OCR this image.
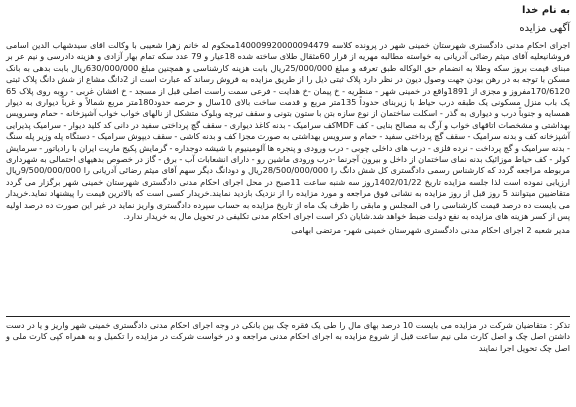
به نام خدا
آگهی مزایده
اجرای احکام مدنی دادگستری شهرستان خمینی شهر در پرونده کلاسه 140009920000094479محکوم له خانم زهرا شعیبی با وکالت اقای سیدشهاب الدین اسامی فروشانیعلیه آقای میثم رضائی آدریانی به خواسته مطالبه مهریه از قرار 60مثقال طلای ساخته شده 18عیار و 79 عدد سکه تمام بهار آزادی و هزینه دادرسی و نیم عر بر مبنای قیمت بروز سکه وطلا به انضمام حق الوکاله طبق تعرفه و مبلغ 25/000/000ریال بابت هزینه کارشناسی و همچنین مبلغ 630/000/000ریال بابت بدهی به بانک مسکن با توجه به در رهن بودن جهت وصول دیون در نظر دارد پلاک ثبتی ذیل را از طریق مزایده به فروش رساند که عبارت است از 2دانگ مشاع از شش دانگ پلاک ثبتی 170/6120مفروز و مجزی از 1891واقع در خمینی شهر - منظریه - خ پیمان -خ هدایت - فرعی سمت راست اصلی قبل از مسجد - خ افشان غربی - روبه روی پلاک 65 یک باب منزل مسکونی یک طبقه درب حیاط با زیربنای حدوداً 135متر مربع و قدمت ساخت بالای 10سال و حرصه حدود180متر مربع شمالاً و غرباً دیواری به دیوار همسایه و جنوباً درب و دیواری به گذر - اسکلت ساختمان از نوع سازه بتن با ستون بتونی و سقف تیرچه وبلوک متشکل از نالهای خواب خواب آشپزخانه - حمام وسرویس بهداشتی و مشخصات اتاقهای خواب و آرگ به مصالح بنایی - کف MDFکف سرامیک - بدنه کاغذ دیواری - سقف گچ پرداختی سفید در دانی کد کلید دیوار - سرامیک پذیرایی آشپزخانه کف و بدنه سرامیک - سقف گچ پرداختی سفید - حمام و سرویس بهداشتی به صورت مجزا کف و بدنه کاشی - سقف دیپوش سرامیک - دستگاه پله وزیر پله سنگ - بدنه سرامیک و گچ پرداخت - نرده فلزی - درب های داخلی چوبی - درب ورودی و پنجره ها آلومینیوم با شیشه دوجداره - گرمایش پکیج ماریت ایران با رادیاتور - سرمایش کولر - کف حیاط موزائیک بدنه نمای ساختمان از داخل و بیرون آجرنما -درب ورودی ماشین رو - دارای انشعابات آب - برق - گاز در خصوص بدهیهای احتمالی به شهرداری مربوطه مراجعه گردد که کارشناس رسمی دادگستری کل شش دانگ را 28/500/000/000ریال و دودانگ دیگر سهم آقای میثم رضائی آدریانی را 9/500/000/000ریال ارزیابی نموده است لذا جلسه مزایده تاریخ 1402/01/22روز سه شنبه ساعت 11صبح در محل اجرای احکام مدنی دادگستری شهرستان خمینی شهر برگزار می گردد متقاضیین میتوانند 5 روز قبل از روز مزایده به نشانی فوق مراجعه و مورد مزایده را از نزدیک بازدید نمایند.خریدار کسی است که بالاترین قیمت را پیشنهاد نماید.خریدار می بایست ده درصد قیمت کارشناسی را فی المجلس و مابقی را ظرف یک ماه از تاریخ مزایده به حساب سپرده دادگستری واریز نماید در غیر این صورت ده درصد اولیه پس از کسر هزینه های مزایده به نفع دولت ضبط خواهد شد.شایان ذکر است اجرای احکام مدنی تکلیفی در تحویل مال به خریدار ندارد.
مدیر شعبه 2 اجرای احکام مدنی دادگستری شهرستان خمینی شهر- مرتضی ابهامی
تذکر : متقاضیان شرکت در مزایده می بایست 10 درصد بهای مال را طی یک فقره چک بین بانکی در وجه اجرای احکام مدنی دادگستری خمینی شهر واریز و یا در دست داشتن اصل چک و اصل کارت ملی نیم ساعت قبل از شروع مزایده به اجرای احکام مدنی مراجعه و در خواست شرکت در مزایده را تکمیل و به همراه کپی کارت ملی و اصل چک تحویل اجرا نمایند
